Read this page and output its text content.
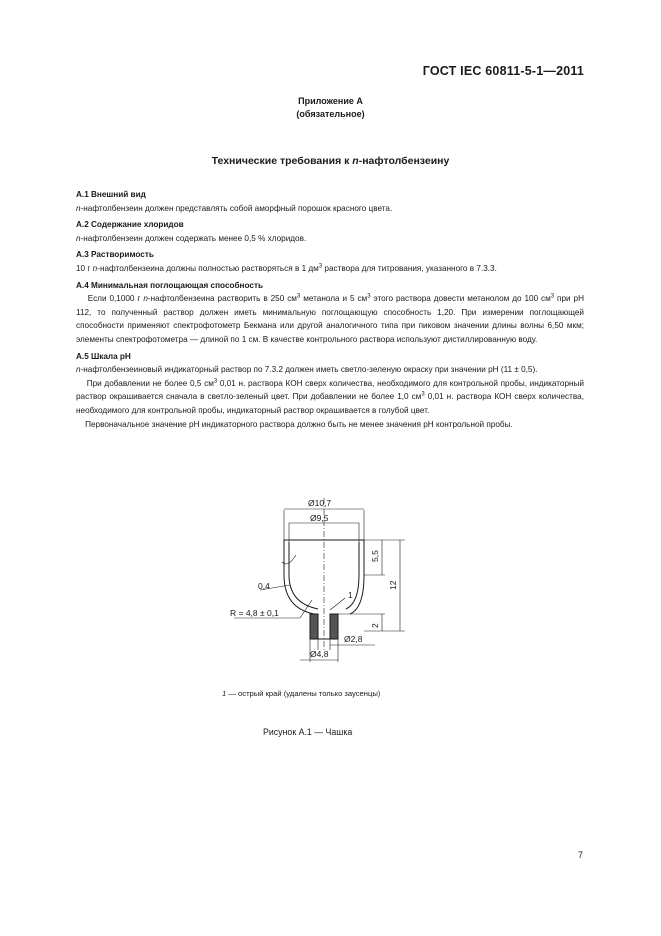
ГОСТ IEC 60811-5-1—2011
Приложение А
(обязательное)
Технические требования к n-нафтолбензеину

А.1 Внешний вид

n-нафтолбензеин должен представлять собой аморфный порошок красного цвета.

А.2 Содержание хлоридов

n-нафтолбензеин должен содержать менее 0,5 % хлоридов.

А.3 Растворимость

10 г n-нафтолбензеина должны полностью растворяться в 1 $дм^3$ раствора для титрования, указанного в 7.3.3.

А.4 Минимальная поглощающая способность

Если 0,1000 г n-нафтолбензеина растворить в 250 $см^3$ метанола и 5 $см^3$ этого раствора довести метанолом до 100 $см^3$ при pH 112, то полученный раствор должен иметь минимальную поглощающую способность 1,20. При измерении поглощающей способности применяют спектрофотометр Бекмана или другой аналогичного типа при пиковом значении длины волны 6,50 мкм; элементы спектрофотометра — длиной по 1 см. В качестве контрольного раствора используют дистиллированную воду.

А.5 Шкала pH

n-нафтолбензеиновый индикаторный раствор по 7.3.2 должен иметь светло-зеленую окраску при значении pH (11 ± 0,5).

При добавлении не более 0,5 $см^3$ 0,01 н. раствора КОН сверх количества, необходимого для контрольной пробы, индикаторный раствор окрашивается сначала в светло-зеленый цвет. При добавлении не более 1,0 $см^3$ 0,01 н. раствора КОН сверх количества, необходимого для контрольной пробы, индикаторный раствор окрашивается в голубой цвет.

Первоначальное значение pH индикаторного раствора должно быть не менее значения pH контрольной пробы.

Ø10,7
Ø9,5
5,5
12
0,4
R = 4,8 ± 0,1
2
Ø2,8
Ø4,8
1
1 — острый край (удалены только заусенцы)
Рисунок А.1 — Чашка
7
